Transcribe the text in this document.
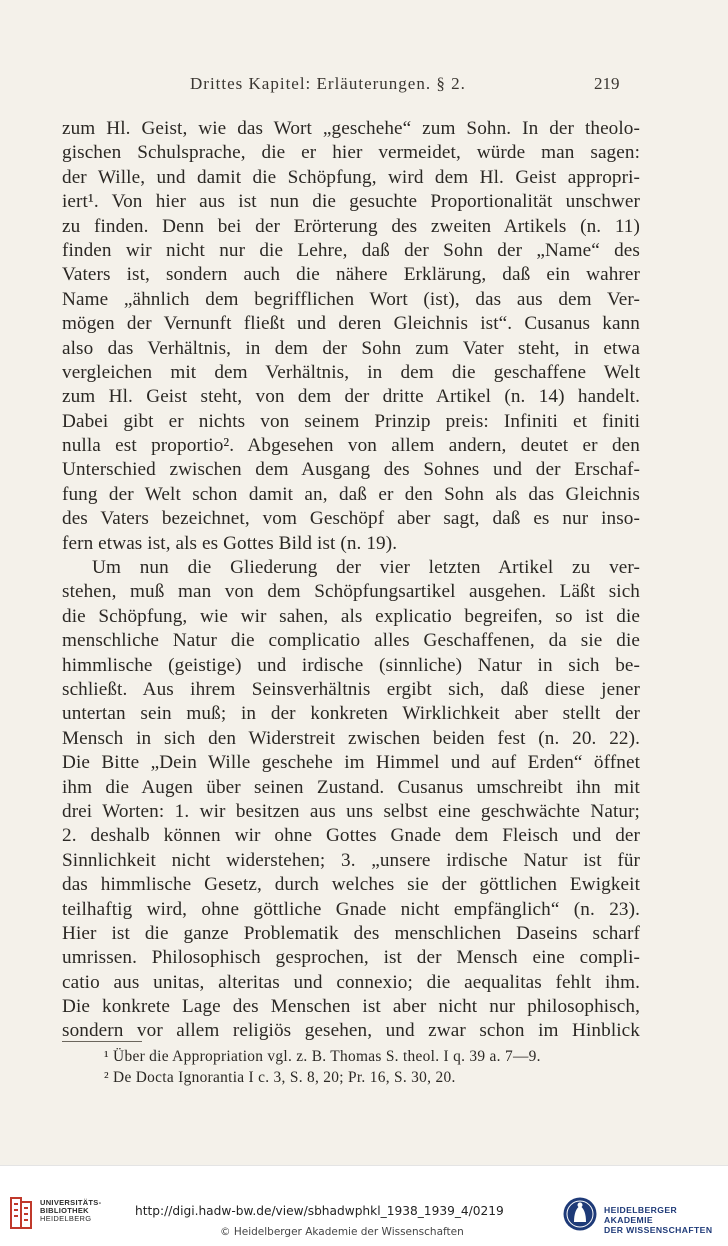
Drittes Kapitel: Erläuterungen. § 2.	219
zum Hl. Geist, wie das Wort „geschehe“ zum Sohn. In der theolo-
gischen Schulsprache, die er hier vermeidet, würde man sagen:
der Wille, und damit die Schöpfung, wird dem Hl. Geist appropri-
iert¹. Von hier aus ist nun die gesuchte Proportionalität unschwer
zu finden. Denn bei der Erörterung des zweiten Artikels (n. 11)
finden wir nicht nur die Lehre, daß der Sohn der „Name“ des
Vaters ist, sondern auch die nähere Erklärung, daß ein wahrer
Name „ähnlich dem begrifflichen Wort (ist), das aus dem Ver-
mögen der Vernunft fließt und deren Gleichnis ist“. Cusanus kann
also das Verhältnis, in dem der Sohn zum Vater steht, in etwa
vergleichen mit dem Verhältnis, in dem die geschaffene Welt
zum Hl. Geist steht, von dem der dritte Artikel (n. 14) handelt.
Dabei gibt er nichts von seinem Prinzip preis: Infiniti et finiti
nulla est proportio². Abgesehen von allem andern, deutet er den
Unterschied zwischen dem Ausgang des Sohnes und der Erschaf-
fung der Welt schon damit an, daß er den Sohn als das Gleichnis
des Vaters bezeichnet, vom Geschöpf aber sagt, daß es nur inso-
fern etwas ist, als es Gottes Bild ist (n. 19).
Um nun die Gliederung der vier letzten Artikel zu ver-
stehen, muß man von dem Schöpfungsartikel ausgehen. Läßt sich
die Schöpfung, wie wir sahen, als explicatio begreifen, so ist die
menschliche Natur die complicatio alles Geschaffenen, da sie die
himmlische (geistige) und irdische (sinnliche) Natur in sich be-
schließt. Aus ihrem Seinsverhältnis ergibt sich, daß diese jener
untertan sein muß; in der konkreten Wirklichkeit aber stellt der
Mensch in sich den Widerstreit zwischen beiden fest (n. 20. 22).
Die Bitte „Dein Wille geschehe im Himmel und auf Erden“ öffnet
ihm die Augen über seinen Zustand. Cusanus umschreibt ihn mit
drei Worten: 1. wir besitzen aus uns selbst eine geschwächte Natur;
2. deshalb können wir ohne Gottes Gnade dem Fleisch und der
Sinnlichkeit nicht widerstehen; 3. „unsere irdische Natur ist für
das himmlische Gesetz, durch welches sie der göttlichen Ewigkeit
teilhaftig wird, ohne göttliche Gnade nicht empfänglich“ (n. 23).
Hier ist die ganze Problematik des menschlichen Daseins scharf
umrissen. Philosophisch gesprochen, ist der Mensch eine compli-
catio aus unitas, alteritas und connexio; die aequalitas fehlt ihm.
Die konkrete Lage des Menschen ist aber nicht nur philosophisch,
sondern vor allem religiös gesehen, und zwar schon im Hinblick
¹ Über die Appropriation vgl. z. B. Thomas S. theol. I q. 39 a. 7—9.
² De Docta Ignorantia I c. 3, S. 8, 20; Pr. 16, S. 30, 20.
UNIVERSITÄTS-
BIBLIOTHEK
HEIDELBERG
http://digi.hadw-bw.de/view/sbhadwphkl_1938_1939_4/0219
© Heidelberger Akademie der Wissenschaften
HEIDELBERGER AKADEMIE
DER WISSENSCHAFTEN
